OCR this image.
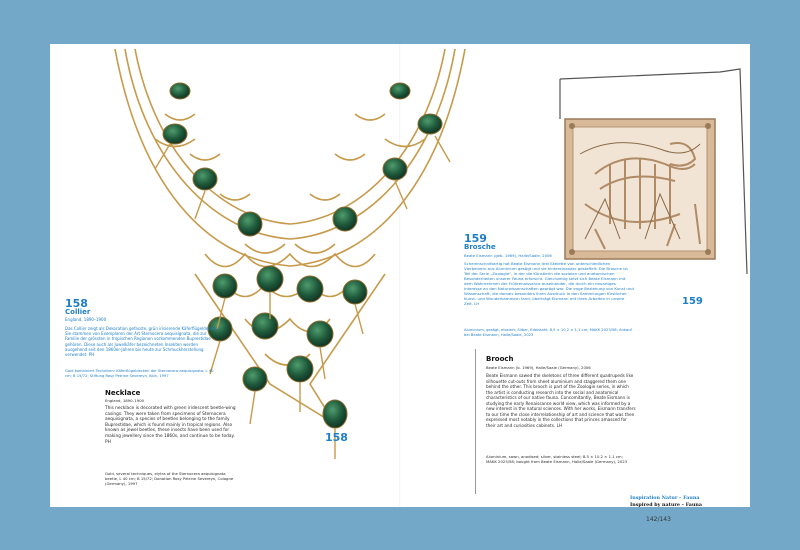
158
Collier
England, 1890–1900
Das Collier zeigt als Dekoration gefasste, grün irisierende Käferflügeldecken. Sie stammen von Exemplaren der Art Sternocera aequisignata, die zur Familie der grössten in tropischen Regionen vorkommenden Buprestidae gehören. Diese auch als Juwelkäfer bezeichneten Insekten werden ausgehend seit den 1860er-Jahren bis heute zur Schmuckherstellung verwendet. PH
Gold kombiniert Techniken: Käferflügeldecken der Sternocera aequisignata; L 40 cm; B 15/72; Stiftung Rosy Petrine Severeyn, Köln, 1997
Necklace
England, 1890–1900
This necklace is decorated with green iridescent beetle-wing casings. They were taken from specimens of Sternocera aequisignata, a species of beetles belonging to the family Buprestidae, which is found mainly in tropical regions. Also known as jewel beetles, these insects have been used for making jewellery since the 1860s, and continue to be today. PH
Gold, several techniques, elytra of the Sternocera aequisignata beetle, L 40 cm; B 15/72; Donation Rosy Petrine Severeyn, Cologne (Germany), 1997
158
159
Brosche
Beate Eismann (geb. 1969), Halle/Saale, 2006
Scherenschnittartig hat Beate Eismann drei Skelette von unterschiedlichen Vierbeinern aus Aluminium gesägt und sie hintereinander gestaffelt. Die Brosche ist Teil der Serie „Zoologie“, in der die Künstlerin die sozialen und anatomischen Besonderheiten unserer Fauna erforscht. Gleichzeitig setzt sich Beate Eismann mit dem Wahrnehmen der Frührenaissance auseinander, die durch ein neuartiges Interesse an den Naturwissenschaften geprägt war. Die enge Beziehung von Kunst und Wissenschaft, die damals besonders ihren Ausdruck in den Sammlungen fürstlicher Kunst- und Wunderkammern fand, überträgt Eismann mit ihren Arbeiten in unsere Zeit. LH
Aluminium, gesägt, eloxiert; Silber, Edelstahl; 8,5 × 10,2 × 1,1 cm; MAKK 2023/58; Ankauf bei Beate Eismann, Halle/Saale, 2023
159
Brooch
Beate Eismann (b. 1969), Halle/Saale (Germany), 2006
Beate Eismann sawed the skeletons of three different quadrupeds like silhouette cut-outs from sheet aluminium and staggered them one behind the other. This brooch is part of the Zoologie series, in which the artist is conducting research into the social and anatomical characteristics of our native fauna. Concomitantly, Beate Eismann is studying the early Renaissance world view, which was informed by a new interest in the natural sciences. With her works, Eismann transfers to our time the close interrelationship of art and science that was then expressed most notably in the collections that princes amassed for their art and curiosities cabinets. LH
Aluminium, sawn, anodised; silver, stainless steel; 8.5 × 10.2 × 1.1 cm; MAKK 2023/58; bought from Beate Eismann, Halle/Saale (Germany), 2023
Inspiration Natur – Fauna
Inspired by nature – Fauna
142/143
